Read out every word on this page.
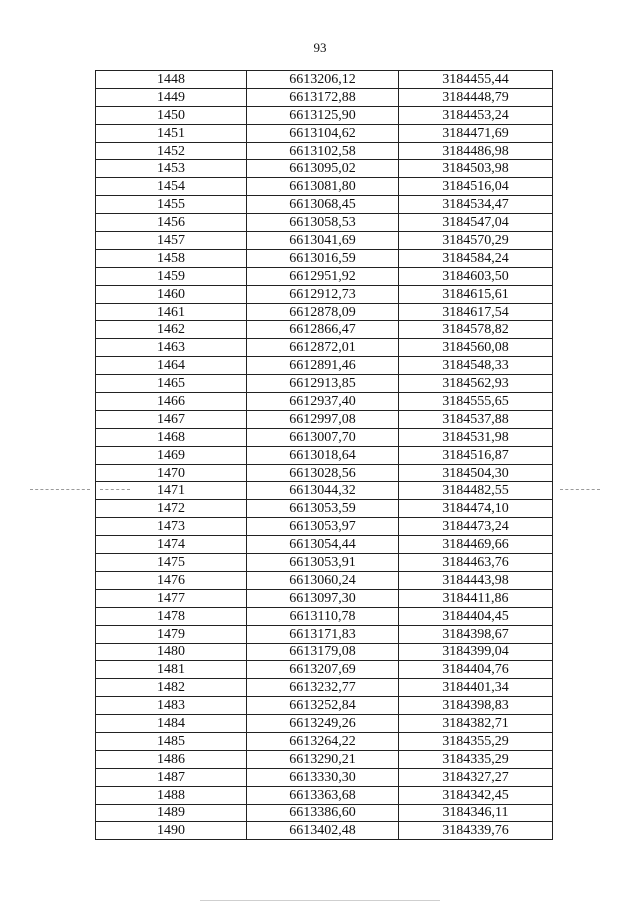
93
1448	6613206,12	3184455,44
1449	6613172,88	3184448,79
1450	6613125,90	3184453,24
1451	6613104,62	3184471,69
1452	6613102,58	3184486,98
1453	6613095,02	3184503,98
1454	6613081,80	3184516,04
1455	6613068,45	3184534,47
1456	6613058,53	3184547,04
1457	6613041,69	3184570,29
1458	6613016,59	3184584,24
1459	6612951,92	3184603,50
1460	6612912,73	3184615,61
1461	6612878,09	3184617,54
1462	6612866,47	3184578,82
1463	6612872,01	3184560,08
1464	6612891,46	3184548,33
1465	6612913,85	3184562,93
1466	6612937,40	3184555,65
1467	6612997,08	3184537,88
1468	6613007,70	3184531,98
1469	6613018,64	3184516,87
1470	6613028,56	3184504,30
1471	6613044,32	3184482,55
1472	6613053,59	3184474,10
1473	6613053,97	3184473,24
1474	6613054,44	3184469,66
1475	6613053,91	3184463,76
1476	6613060,24	3184443,98
1477	6613097,30	3184411,86
1478	6613110,78	3184404,45
1479	6613171,83	3184398,67
1480	6613179,08	3184399,04
1481	6613207,69	3184404,76
1482	6613232,77	3184401,34
1483	6613252,84	3184398,83
1484	6613249,26	3184382,71
1485	6613264,22	3184355,29
1486	6613290,21	3184335,29
1487	6613330,30	3184327,27
1488	6613363,68	3184342,45
1489	6613386,60	3184346,11
1490	6613402,48	3184339,76
